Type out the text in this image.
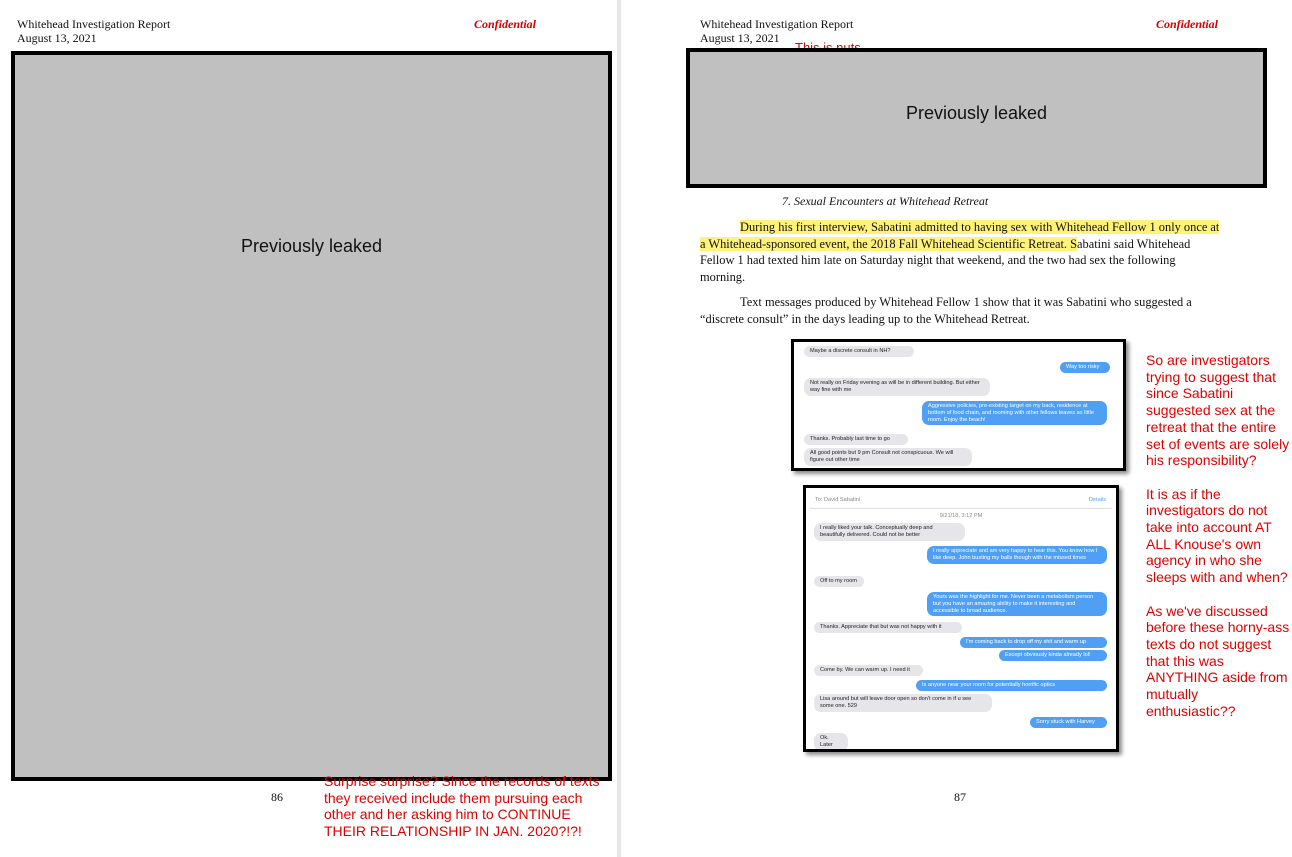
Whitehead Investigation Report
August 13, 2021
Confidential
Previously leaked
86
Surprise surprise? Since the records of texts they received include them pursuing each other and her asking him to CONTINUE THEIR RELATIONSHIP IN JAN. 2020?!?!
Whitehead Investigation Report
August 13, 2021
Confidential
Previously leaked
7. Sexual Encounters at Whitehead Retreat
During his first interview, Sabatini admitted to having sex with Whitehead Fellow 1 only once at a Whitehead-sponsored event, the 2018 Fall Whitehead Scientific Retreat. Sabatini said Whitehead Fellow 1 had texted him late on Saturday night that weekend, and the two had sex the following morning.
Text messages produced by Whitehead Fellow 1 show that it was Sabatini who suggested a “discrete consult” in the days leading up to the Whitehead Retreat.
Maybe a discrete consult in NH?
Way too risky
Not really on Friday evening as will be in different building. But either way fine with me
Aggressive policies, pre-existing target on my back, residence at bottom of food chain, and rooming with other fellows leaves so little room. Enjoy the beach!
Thanks. Probably last time to go
All good points but 9 pm Consult not conspicuous. We will figure out other time
To: David Sabatini	Details
9/21/18, 3:12 PM
I really liked your talk. Conceptually deep and beautifully delivered. Could not be better
I really appreciate and am very happy to hear this. You know how I like deep. John busting my balls though with the missed times
Off to my room
Yours was the highlight for me. Never been a metabolism person but you have an amazing ability to make it interesting and accessible to broad audience.
Thanks. Appreciate that but was not happy with it
I'm coming back to drop off my shit and warm up
Except obviously kinda already lol!
Come by. We can warm up. I need it
Is anyone near your room for potentially horrific optics
Lisa around but will leave door open so don't come in if u see some one. 529
Sorry stuck with Harvey
Ok. Later
So are investigators trying to suggest that since Sabatini suggested sex at the retreat that the entire set of events are solely his responsibility?
It is as if the investigators do not take into account AT ALL Knouse's own agency in who she sleeps with and when?
As we've discussed before these horny-ass texts do not suggest that this was ANYTHING aside from mutually enthusiastic??
87
